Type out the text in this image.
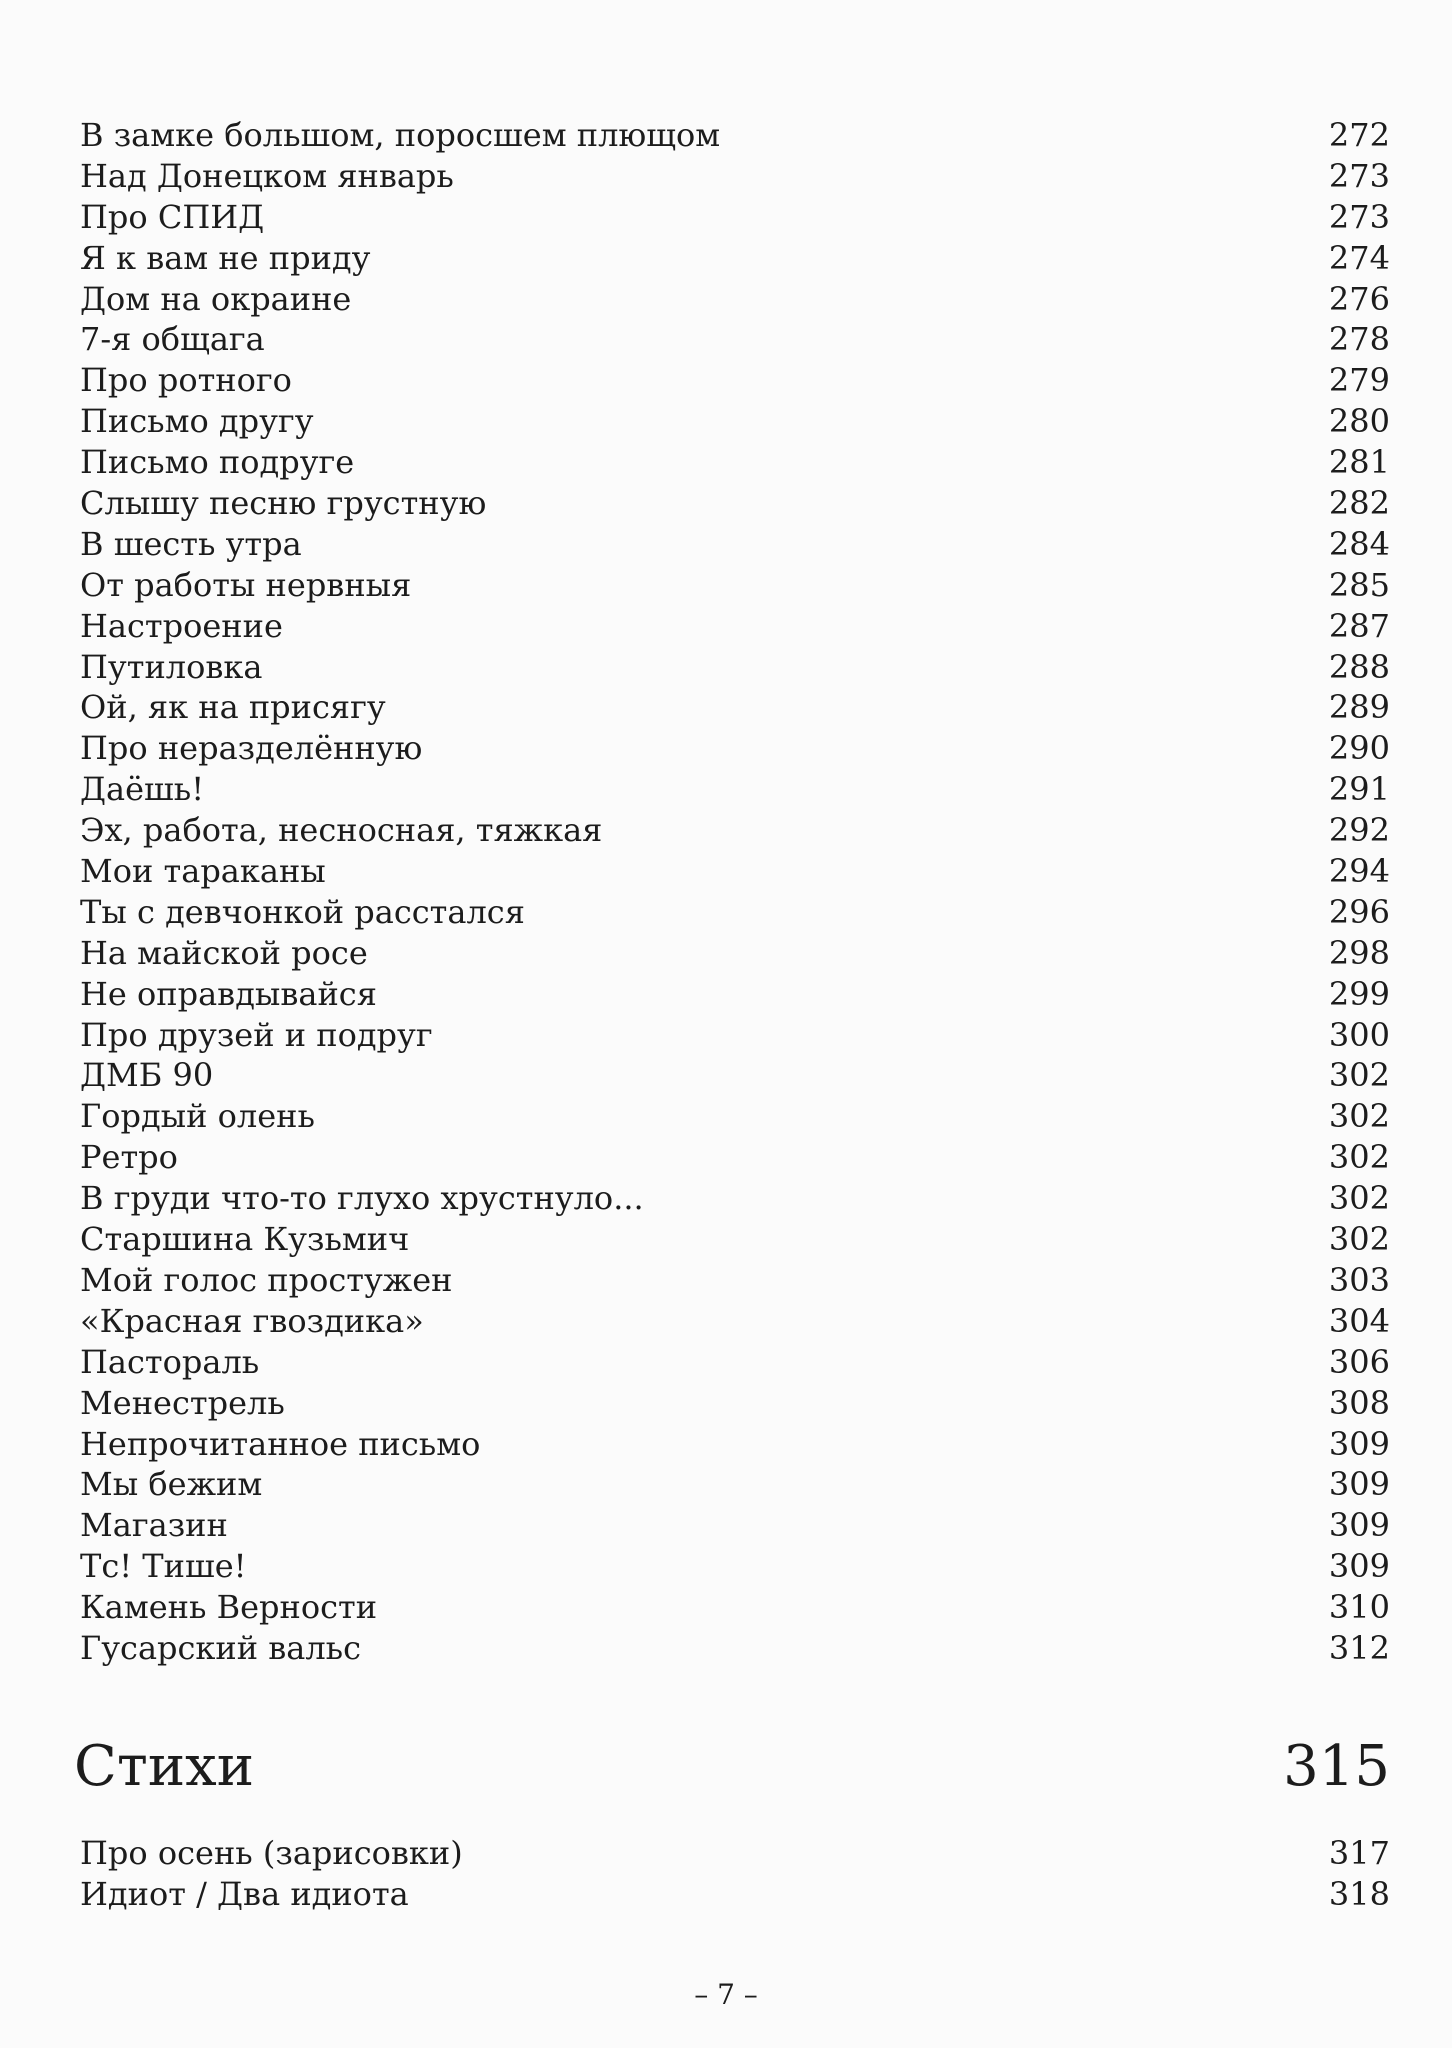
В замке большом, поросшем плющом	272
Над Донецком январь	273
Про СПИД	273
Я к вам не приду	274
Дом на окраине	276
7-я общага	278
Про ротного	279
Письмо другу	280
Письмо подруге	281
Слышу песню грустную	282
В шесть утра	284
От работы нервныя	285
Настроение	287
Путиловка	288
Ой, як на присягу	289
Про неразделённую	290
Даёшь!	291
Эх, работа, несносная, тяжкая	292
Мои тараканы	294
Ты с девчонкой расстался	296
На майской росе	298
Не оправдывайся	299
Про друзей и подруг	300
ДМБ 90	302
Гордый олень	302
Ретро	302
В груди что-то глухо хрустнуло...	302
Старшина Кузьмич	302
Мой голос простужен	303
«Красная гвоздика»	304
Пастораль	306
Менестрель	308
Непрочитанное письмо	309
Мы бежим	309
Магазин	309
Тс! Тише!	309
Камень Верности	310
Гусарский вальс	312
Стихи	315
Про осень (зарисовки)	317
Идиот / Два идиота	318
– 7 –
